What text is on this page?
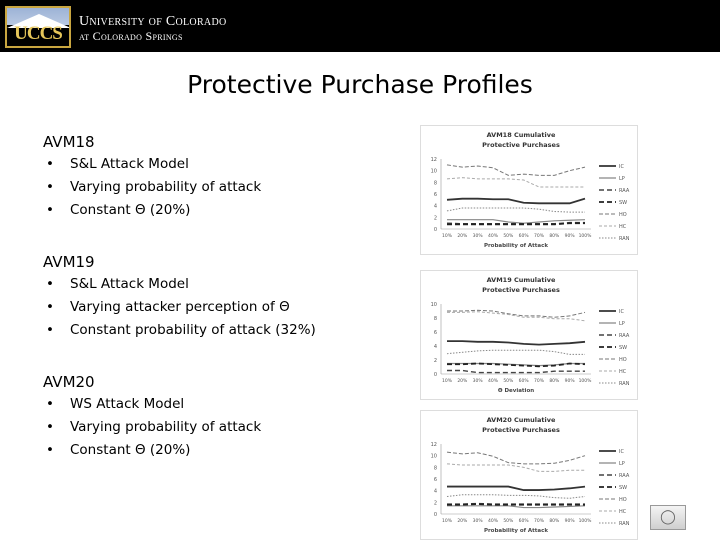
UCCS
University of Colorado
at Colorado Springs
Protective Purchase Profiles
AVM18
• S&L Attack Model
• Varying probability of attack
• Constant Θ (20%)
AVM19
• S&L Attack Model
• Varying attacker perception of Θ
• Constant probability of attack (32%)
AVM20
• WS Attack Model
• Varying probability of attack
• Constant Θ (20%)
AVM18 Cumulative
Protective Purchases
0
2
4
6
8
10
12
10% 20% 30% 40% 50% 60% 70% 80% 90% 100%
Probability of Attack
IC
LP
RAA
SW
HO
HC
RAN
AVM19 Cumulative
Protective Purchases
0
2
4
6
8
10
10% 20% 30% 40% 50% 60% 70% 80% 90% 100%
Θ Deviation
IC
LP
RAA
SW
HO
HC
RAN
AVM20 Cumulative
Protective Purchases
0
2
4
6
8
10
12
10% 20% 30% 40% 50% 60% 70% 80% 90% 100%
Probability of Attack
IC
LP
RAA
SW
HO
HC
RAN	◯
